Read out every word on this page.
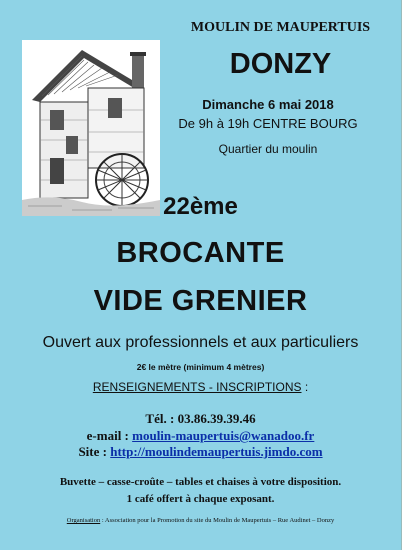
MOULIN DE MAUPERTUIS
DONZY
Dimanche 6 mai 2018
De 9h à 19h CENTRE BOURG
Quartier du moulin
22ème
BROCANTE
VIDE GRENIER
Ouvert aux professionnels et aux particuliers
2€ le mètre (minimum 4 mètres)
RENSEIGNEMENTS - INSCRIPTIONS :
Tél. : 03.86.39.39.46
e-mail : moulin-maupertuis@wanadoo.fr
Site : http://moulindemaupertuis.jimdo.com
Buvette – casse-croûte – tables et chaises à votre disposition.
1 café offert à chaque exposant.
Organisation : Association pour la Promotion du site du Moulin de Maupertuis – Rue Audinet – Donzy
